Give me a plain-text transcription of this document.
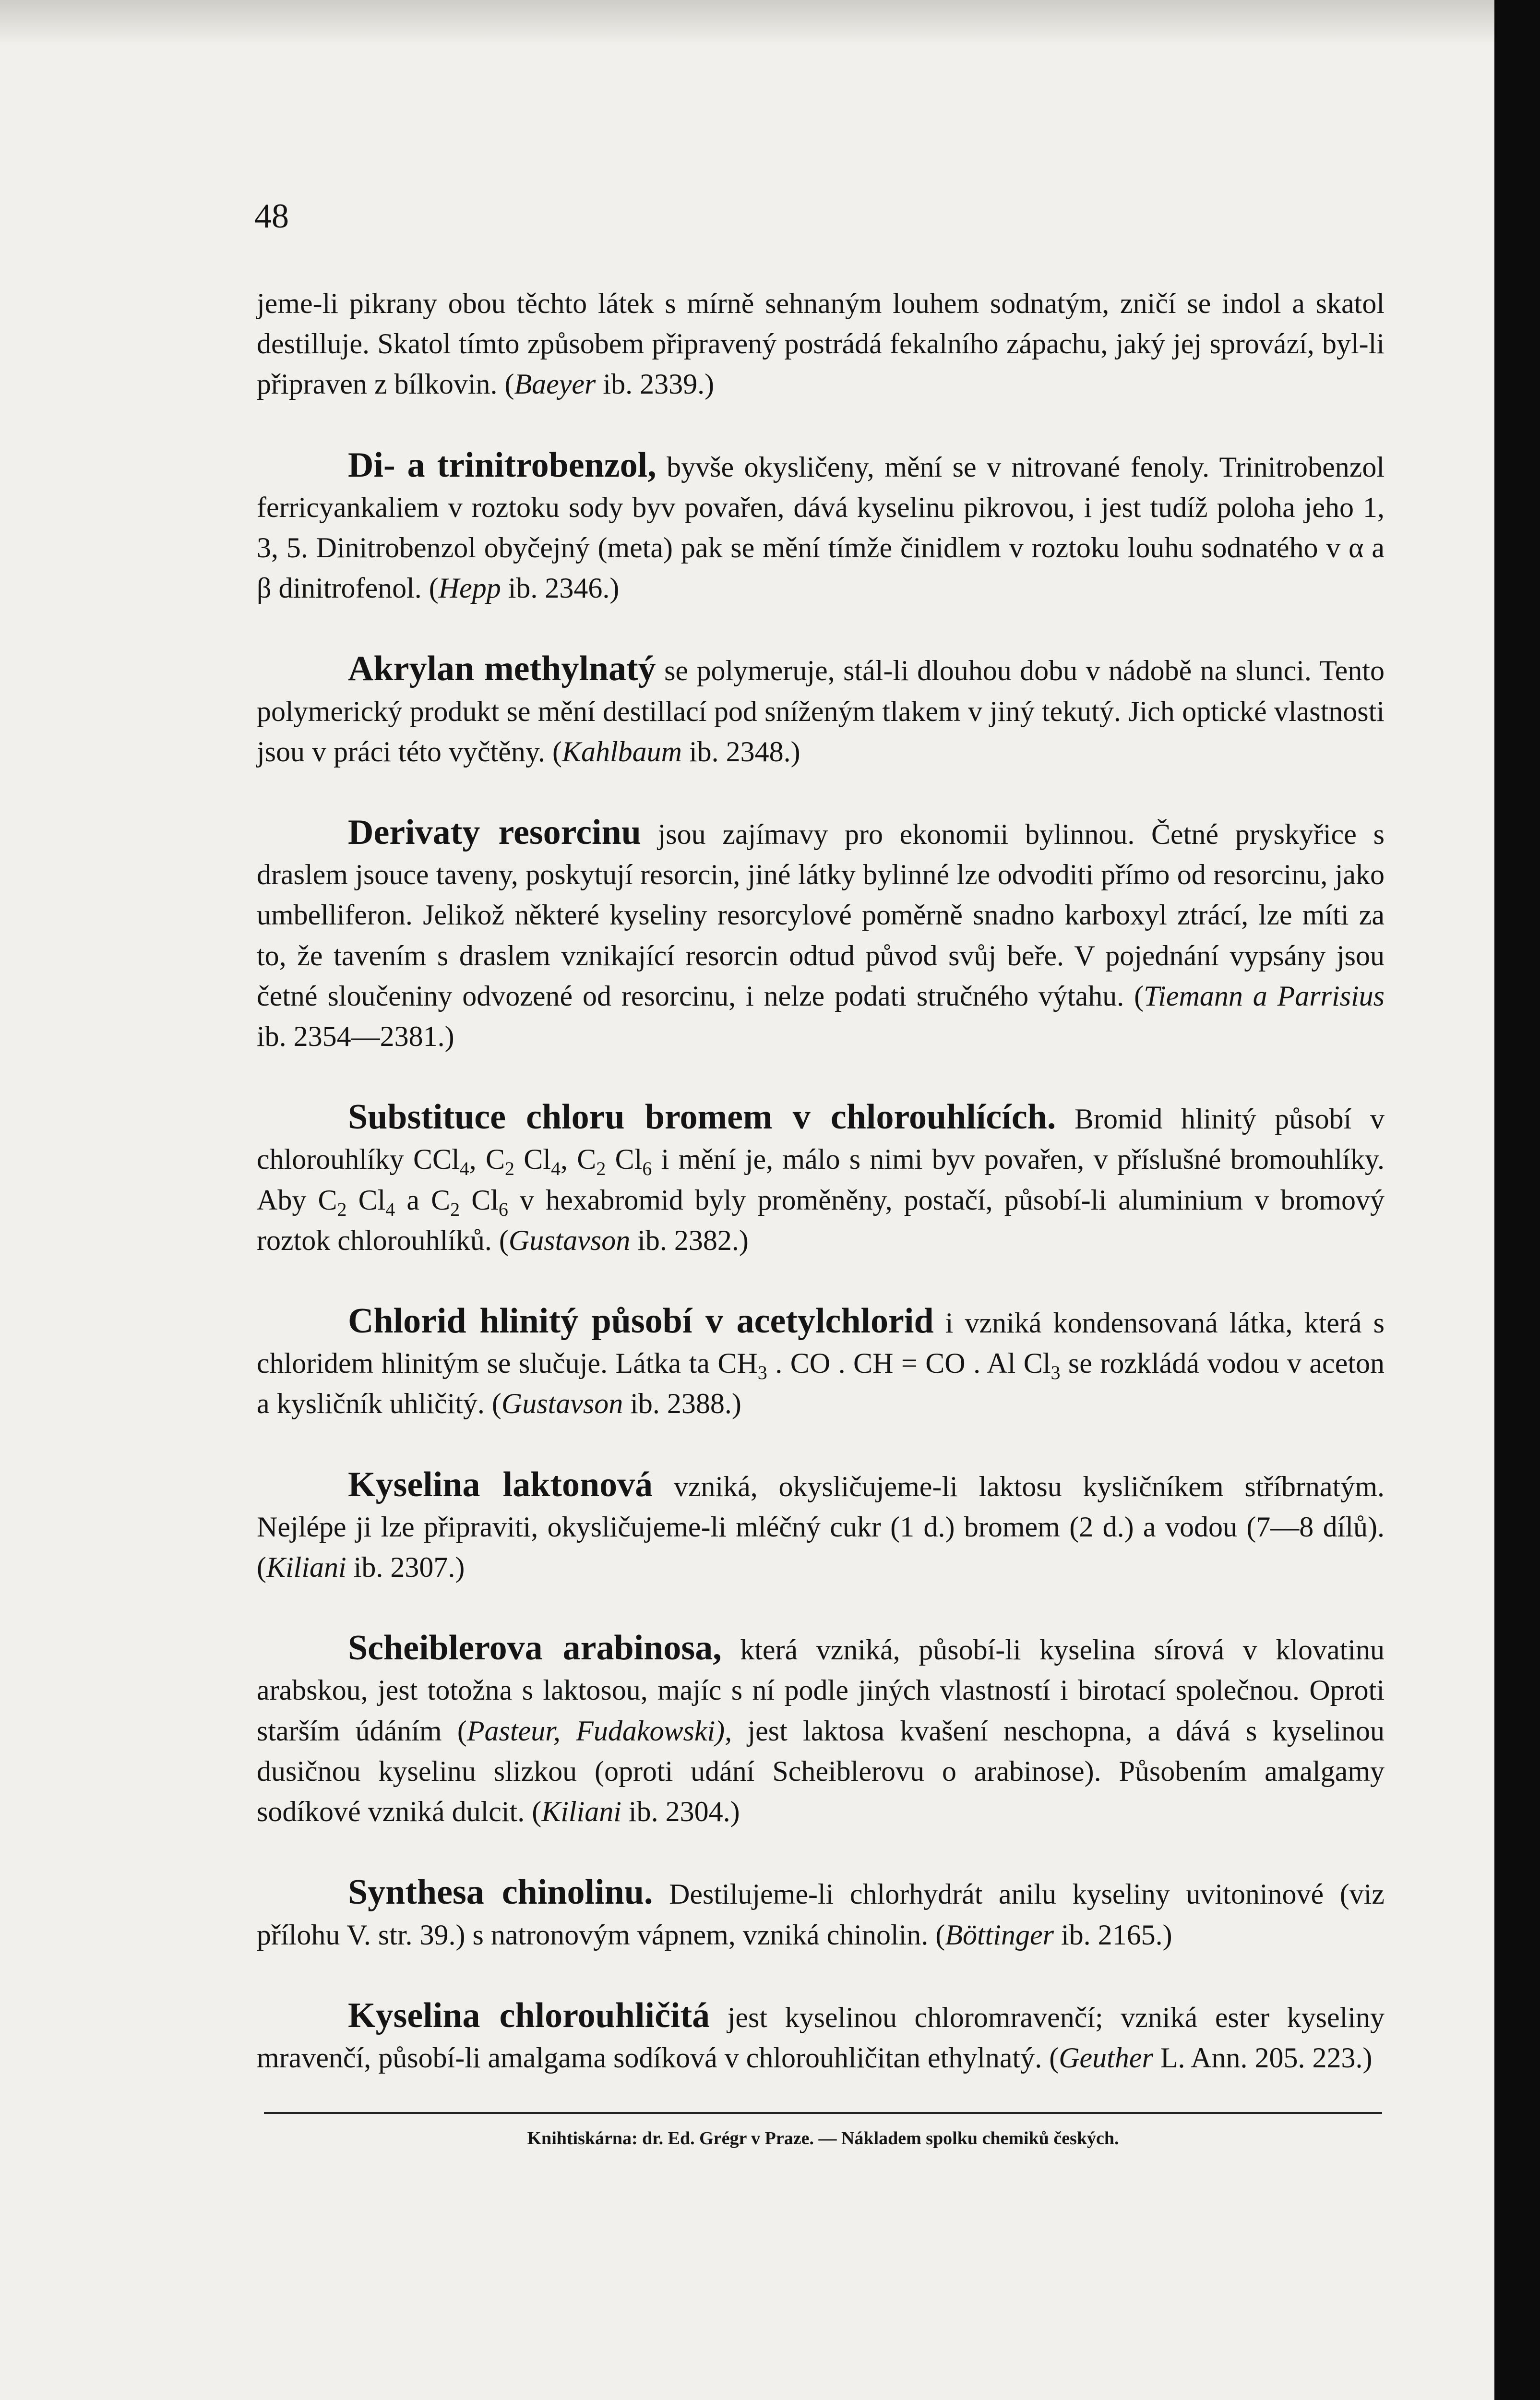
48

jeme-li pikrany obou těchto látek s mírně sehnaným louhem sodnatým, zničí se indol a skatol destilluje. Skatol tímto způsobem připravený postrádá fekalního zápachu, jaký jej sprovází, byl-li připraven z bílkovin. (Baeyer ib. 2339.)

Di- a trinitrobenzol, byvše okysličeny, mění se v nitrované fenoly. Trinitrobenzol ferricyankaliem v roztoku sody byv povařen, dává kyselinu pikrovou, i jest tudíž poloha jeho 1, 3, 5. Dinitrobenzol obyčejný (meta) pak se mění tímže činidlem v roztoku louhu sodnatého v α a β dinitrofenol. (Hepp ib. 2346.)

Akrylan methylnatý se polymeruje, stál-li dlouhou dobu v nádobě na slunci. Tento polymerický produkt se mění destillací pod sníženým tlakem v jiný tekutý. Jich optické vlastnosti jsou v práci této vyčtěny. (Kahlbaum ib. 2348.)

Derivaty resorcinu jsou zajímavy pro ekonomii bylinnou. Četné pryskyřice s draslem jsouce taveny, poskytují resorcin, jiné látky bylinné lze odvoditi přímo od resorcinu, jako umbelliferon. Jelikož některé kyseliny resorcylové poměrně snadno karboxyl ztrácí, lze míti za to, že tavením s draslem vznikající resorcin odtud původ svůj beře. V pojednání vypsány jsou četné sloučeniny odvozené od resorcinu, i nelze podati stručného výtahu. (Tiemann a Parrisius ib. 2354—2381.)

Substituce chloru bromem v chlorouhlících. Bromid hlinitý působí v chlorouhlíky CCl$_4$, $C_2$ $Cl_4$, $C_2$ $Cl_6$ i mění je, málo s nimi byv povařen, v příslušné bromouhlíky. Aby $C_2$ $Cl_4$ a $C_2$ $Cl_6$ v hexabromid byly proměněny, postačí, působí-li aluminium v bromový roztok chlorouhlíků. (Gustavson ib. 2382.)

Chlorid hlinitý působí v acetylchlorid i vzniká kondensovaná látka, která s chloridem hlinitým se slučuje. Látka ta $CH_3$ . CO . CH = CO . Al $Cl_3$ se rozkládá vodou v aceton a kysličník uhličitý. (Gustavson ib. 2388.)

Kyselina laktonová vzniká, okysličujeme-li laktosu kysličníkem stříbrnatým. Nejlépe ji lze připraviti, okysličujeme-li mléčný cukr (1 d.) bromem (2 d.) a vodou (7—8 dílů). (Kiliani ib. 2307.)

Scheiblerova arabinosa, která vzniká, působí-li kyselina sírová v klovatinu arabskou, jest totožna s laktosou, majíc s ní podle jiných vlastností i birotací společnou. Oproti starším údáním (Pasteur, Fudakowski), jest laktosa kvašení neschopna, a dává s kyselinou dusičnou kyselinu slizkou (oproti udání Scheiblerovu o arabinose). Působením amalgamy sodíkové vzniká dulcit. (Kiliani ib. 2304.)

Synthesa chinolinu. Destilujeme-li chlorhydrát anilu kyseliny uvitoninové (viz přílohu V. str. 39.) s natronovým vápnem, vzniká chinolin. (Böttinger ib. 2165.)

Kyselina chlorouhličitá jest kyselinou chloromravenčí; vzniká ester kyseliny mravenčí, působí-li amalgama sodíková v chlorouhličitan ethylnatý. (Geuther L. Ann. 205. 223.)

Knihtiskárna: dr. Ed. Grégr v Praze. — Nákladem spolku chemiků českých.
